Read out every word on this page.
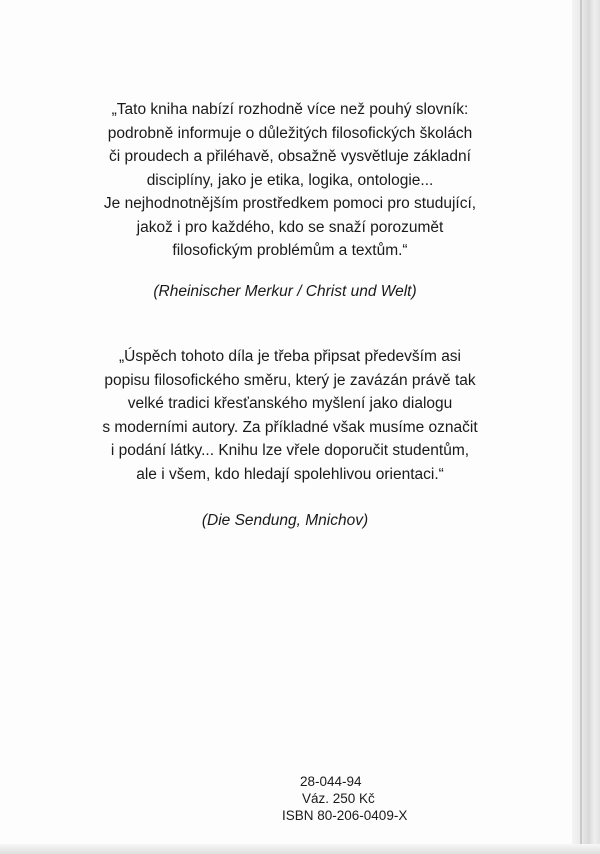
„Tato kniha nabízí rozhodně více než pouhý slovník:
podrobně informuje o důležitých filosofických školách
či proudech a přiléhavě, obsažně vysvětluje základní
disciplíny, jako je etika, logika, ontologie...
Je nejhodnotnějším prostředkem pomoci pro studující,
jakož i pro každého, kdo se snaží porozumět
filosofickým problémům a textům.“

(Rheinischer Merkur / Christ und Welt)

„Úspěch tohoto díla je třeba připsat především asi
popisu filosofického směru, který je zavázán právě tak
velké tradici křesťanského myšlení jako dialogu
s moderními autory. Za příkladné však musíme označit
i podání látky... Knihu lze vřele doporučit studentům,
ale i všem, kdo hledají spolehlivou orientaci.“

(Die Sendung, Mnichov)

28-044-94
Váz. 250 Kč
ISBN 80-206-0409-X
